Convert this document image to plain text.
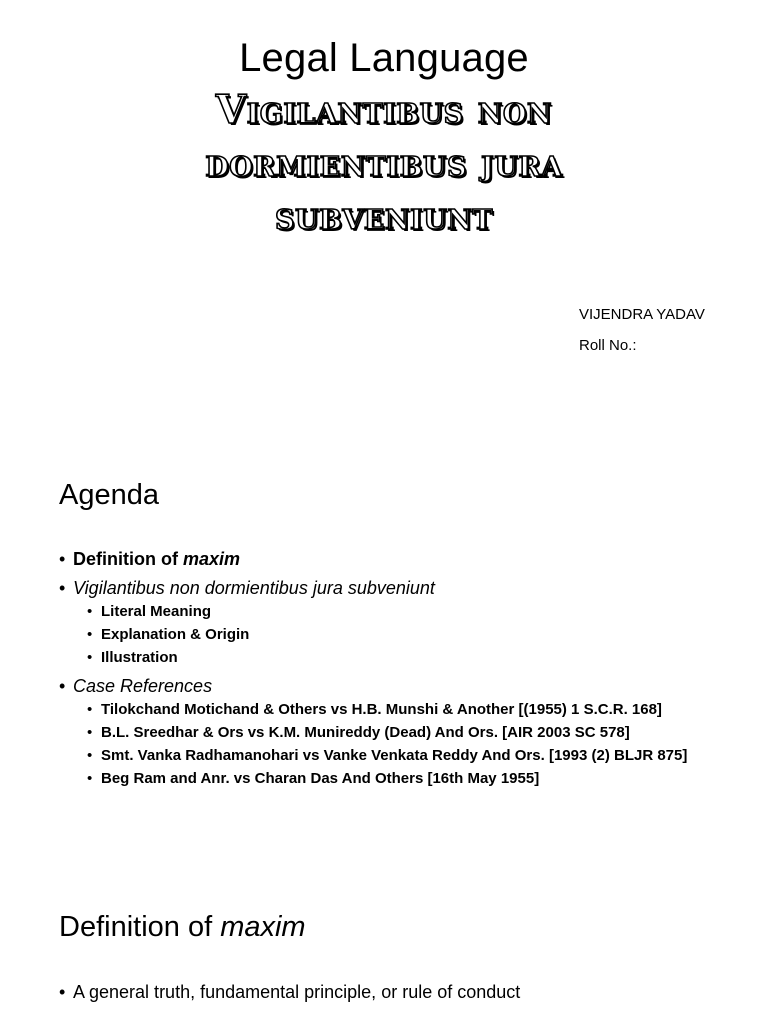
Legal Language
Vigilantibus non
dormientibus jura
subveniunt
VIJENDRA YADAV
Roll No.:
Agenda
• Definition of maxim
• Vigilantibus non dormientibus jura subveniunt
• Literal Meaning
• Explanation & Origin
• Illustration
• Case References
• Tilokchand Motichand & Others vs H.B. Munshi & Another [(1955) 1 S.C.R. 168]
• B.L. Sreedhar & Ors vs K.M. Munireddy (Dead) And Ors. [AIR 2003 SC 578]
• Smt. Vanka Radhamanohari vs Vanke Venkata Reddy And Ors. [1993 (2) BLJR 875]
• Beg Ram and Anr. vs Charan Das And Others [16th May 1955]
Definition of maxim
• A general truth, fundamental principle, or rule of conduct
